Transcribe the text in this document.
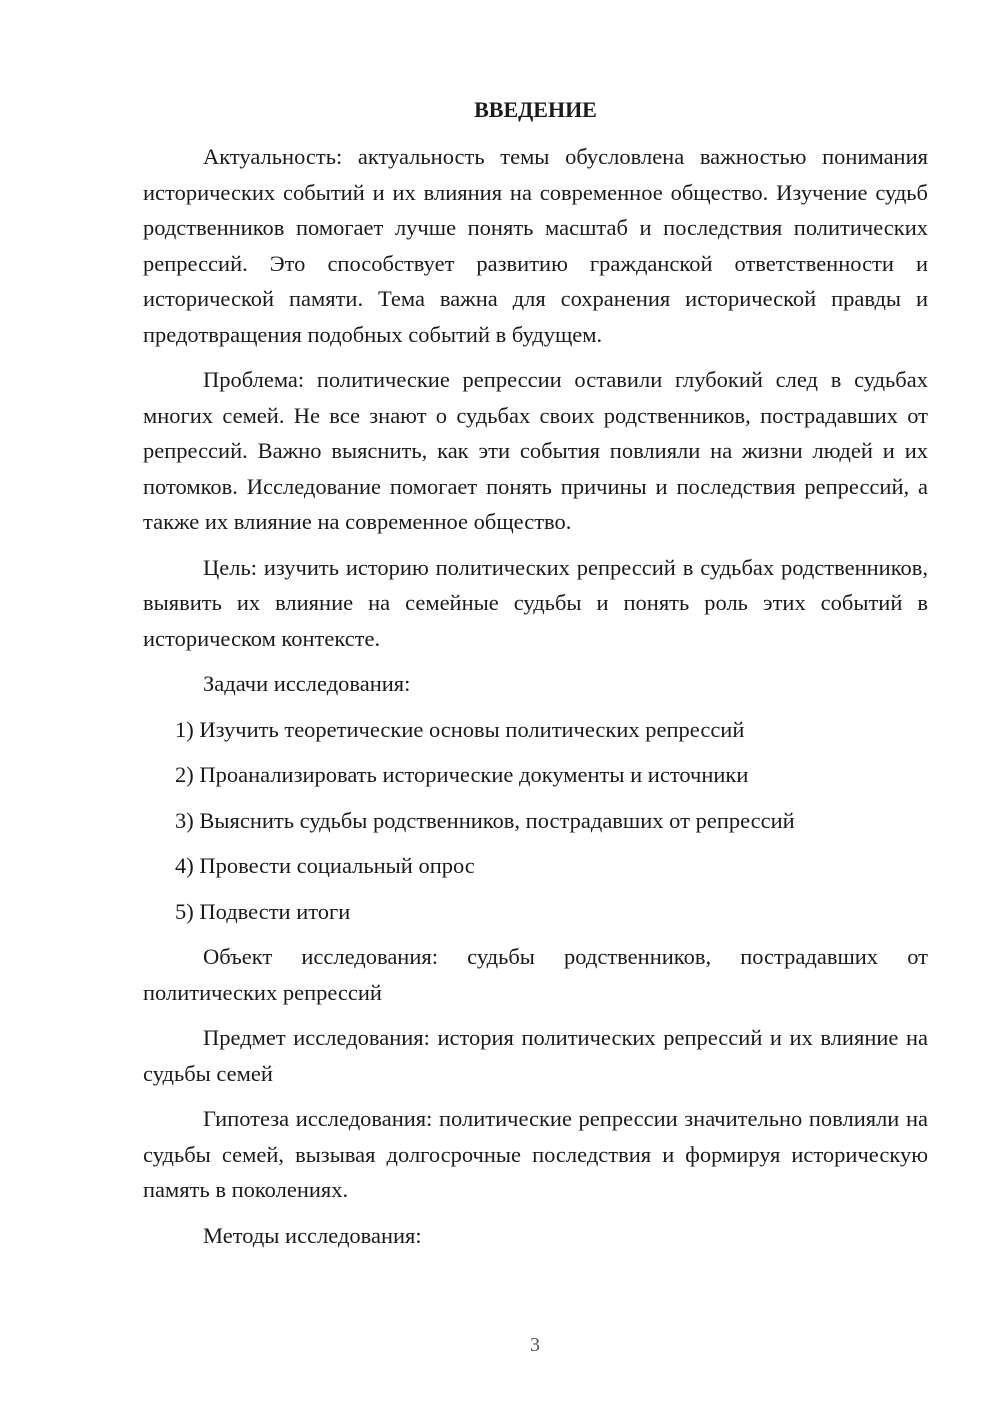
ВВЕДЕНИЕ

Актуальность: актуальность темы обусловлена важностью понимания исторических событий и их влияния на современное общество. Изучение судьб родственников помогает лучше понять масштаб и последствия политических репрессий. Это способствует развитию гражданской ответственности и исторической памяти. Тема важна для сохранения исторической правды и предотвращения подобных событий в будущем.

Проблема: политические репрессии оставили глубокий след в судьбах многих семей. Не все знают о судьбах своих родственников, пострадавших от репрессий. Важно выяснить, как эти события повлияли на жизни людей и их потомков. Исследование помогает понять причины и последствия репрессий, а также их влияние на современное общество.

Цель: изучить историю политических репрессий в судьбах родственников, выявить их влияние на семейные судьбы и понять роль этих событий в историческом контексте.

Задачи исследования:

1) Изучить теоретические основы политических репрессий
2) Проанализировать исторические документы и источники
3) Выяснить судьбы родственников, пострадавших от репрессий
4) Провести социальный опрос
5) Подвести итоги

Объект исследования: судьбы родственников, пострадавших от политических репрессий

Предмет исследования: история политических репрессий и их влияние на судьбы семей

Гипотеза исследования: политические репрессии значительно повлияли на судьбы семей, вызывая долгосрочные последствия и формируя историческую память в поколениях.

Методы исследования:

3
